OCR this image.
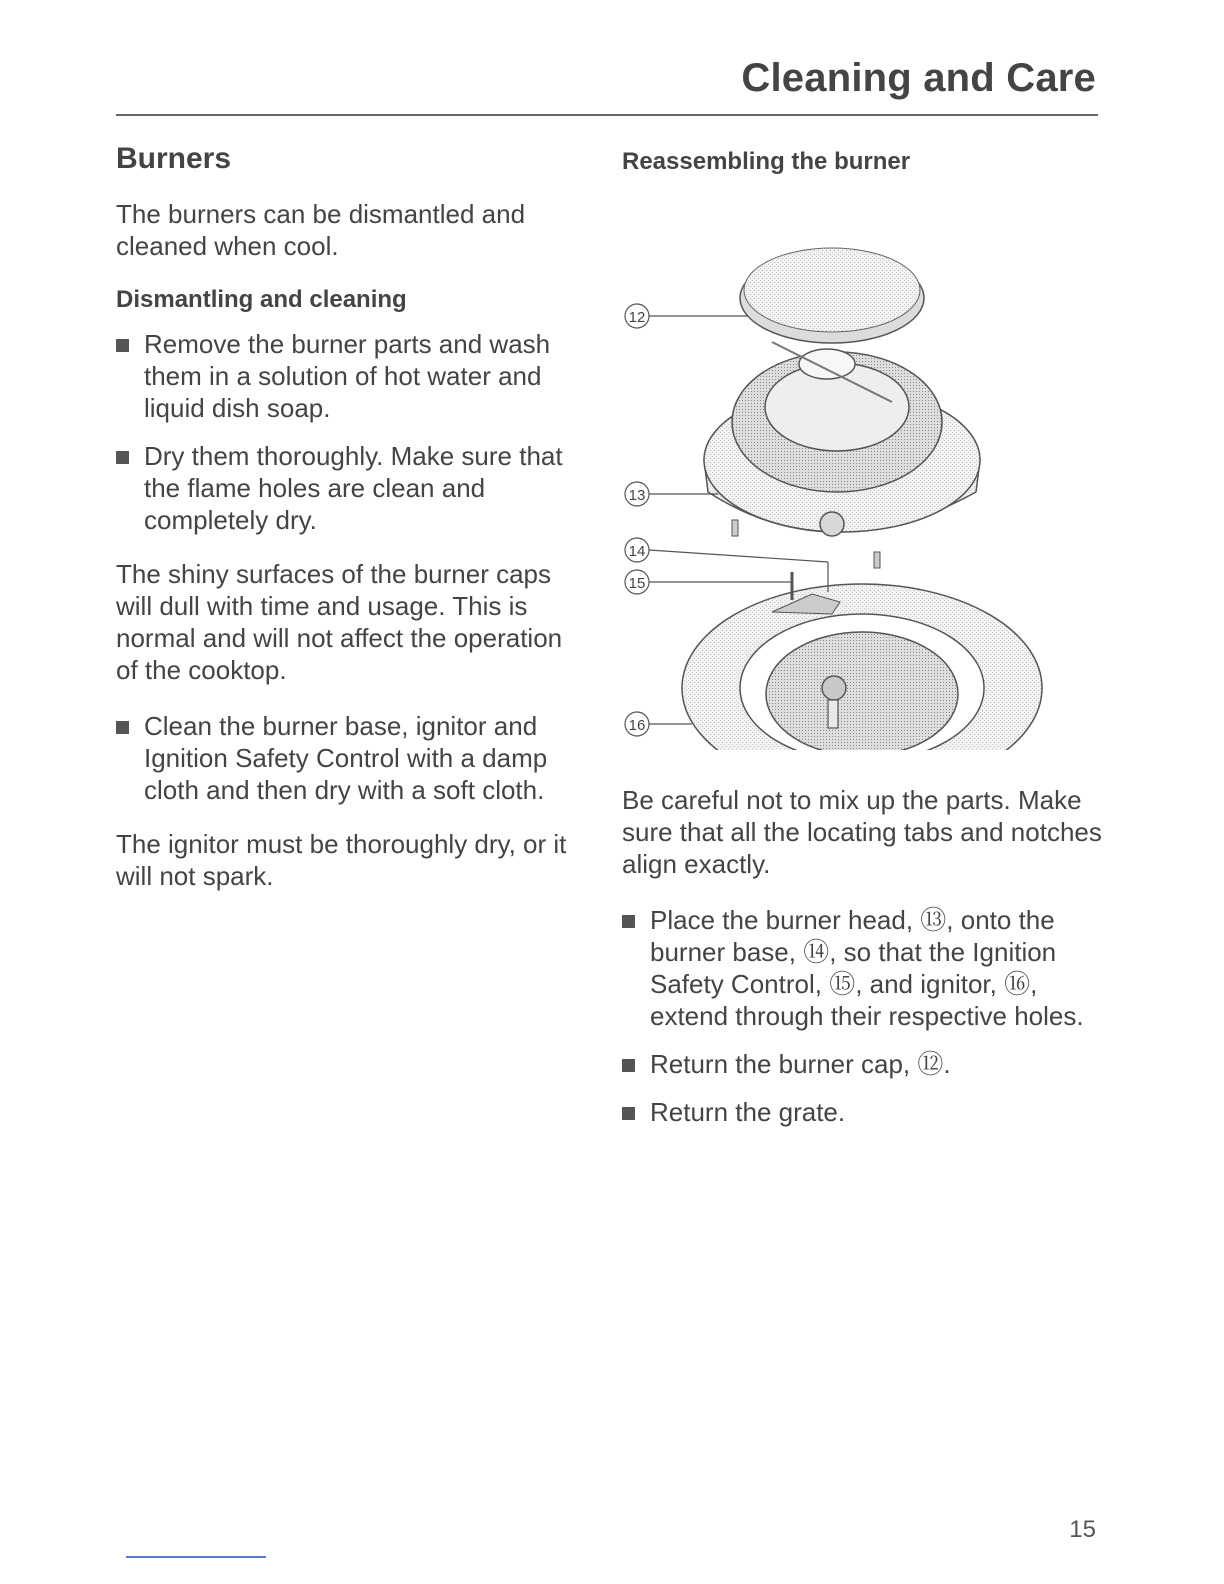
Cleaning and Care
Burners

The burners can be dismantled and cleaned when cool.

Dismantling and cleaning
Remove the burner parts and wash them in a solution of hot water and liquid dish soap.
Dry them thoroughly. Make sure that the flame holes are clean and completely dry.

The shiny surfaces of the burner caps will dull with time and usage. This is normal and will not affect the operation of the cooktop.

Clean the burner base, ignitor and Ignition Safety Control with a damp cloth and then dry with a soft cloth.

The ignitor must be thoroughly dry, or it will not spark.

Reassembling the burner
12
13
14
15
16

Be careful not to mix up the parts. Make sure that all the locating tabs and notches align exactly.

Place the burner head, ⑬, onto the burner base, ⑭, so that the Ignition Safety Control, ⑮, and ignitor, ⑯, extend through their respective holes.
Return the burner cap, ⑫.
Return the grate.
15
